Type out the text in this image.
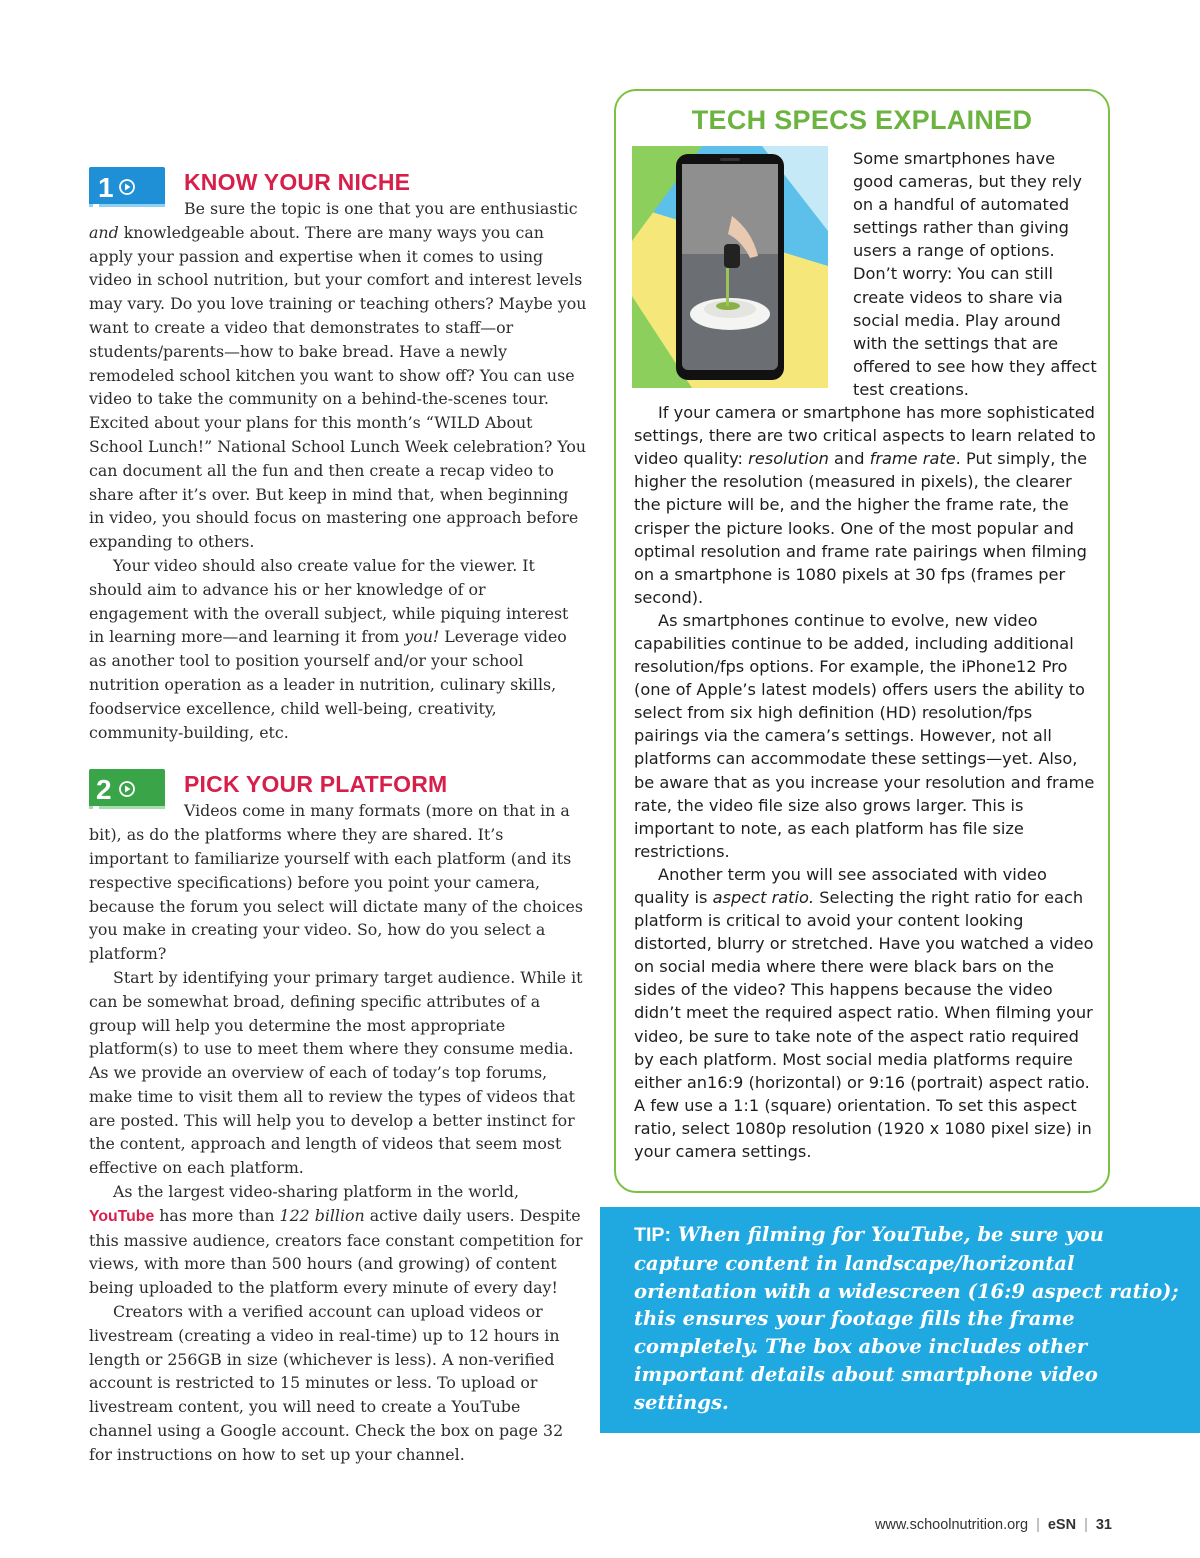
1	KNOW YOUR NICHE

Be sure the topic is one that you are enthusiastic and knowledgeable about. There are many ways you can apply your passion and expertise when it comes to using video in school nutrition, but your comfort and interest levels may vary. Do you love training or teaching others? Maybe you want to create a video that demonstrates to staff—or students/parents—how to bake bread. Have a newly remodeled school kitchen you want to show off? You can use video to take the community on a behind-the-scenes tour. Excited about your plans for this month’s “WILD About School Lunch!” National School Lunch Week celebration? You can document all the fun and then create a recap video to share after it’s over. But keep in mind that, when beginning in video, you should focus on mastering one approach before expanding to others.

Your video should also create value for the viewer. It should aim to advance his or her knowledge of or engagement with the overall subject, while piquing interest in learning more—and learning it from you! Leverage video as another tool to position yourself and/or your school nutrition operation as a leader in nutrition, culinary skills, foodservice excellence, child well-being, creativity, community-building, etc.

2	PICK YOUR PLATFORM

Videos come in many formats (more on that in a bit), as do the platforms where they are shared. It’s important to familiarize yourself with each platform (and its respective specifications) before you point your camera, because the forum you select will dictate many of the choices you make in creating your video. So, how do you select a platform?

Start by identifying your primary target audience. While it can be somewhat broad, defining specific attributes of a group will help you determine the most appropriate platform(s) to use to meet them where they consume media. As we provide an overview of each of today’s top forums, make time to visit them all to review the types of videos that are posted. This will help you to develop a better instinct for the content, approach and length of videos that seem most effective on each platform.

As the largest video-sharing platform in the world, YouTube has more than 122 billion active daily users. Despite this massive audience, creators face constant competition for views, with more than 500 hours (and growing) of content being uploaded to the platform every minute of every day!

Creators with a verified account can upload videos or livestream (creating a video in real-time) up to 12 hours in length or 256GB in size (whichever is less). A non-verified account is restricted to 15 minutes or less. To upload or livestream content, you will need to create a YouTube channel using a Google account. Check the box on page 32 for instructions on how to set up your channel.

TECH SPECS EXPLAINED

Some smartphones have good cameras, but they rely on a handful of automated settings rather than giving users a range of options. Don’t worry: You can still create videos to share via social media. Play around with the settings that are offered to see how they affect test creations.

If your camera or smartphone has more sophisticated settings, there are two critical aspects to learn related to video quality: resolution and frame rate. Put simply, the higher the resolution (measured in pixels), the clearer the picture will be, and the higher the frame rate, the crisper the picture looks. One of the most popular and optimal resolution and frame rate pairings when filming on a smartphone is 1080 pixels at 30 fps (frames per second).

As smartphones continue to evolve, new video capabilities continue to be added, including additional resolution/fps options. For example, the iPhone12 Pro (one of Apple’s latest models) offers users the ability to select from six high definition (HD) resolution/fps pairings via the camera’s settings. However, not all platforms can accommodate these settings—yet. Also, be aware that as you increase your resolution and frame rate, the video file size also grows larger. This is important to note, as each platform has file size restrictions.

Another term you will see associated with video quality is aspect ratio. Selecting the right ratio for each platform is critical to avoid your content looking distorted, blurry or stretched. Have you watched a video on social media where there were black bars on the sides of the video? This happens because the video didn’t meet the required aspect ratio. When filming your video, be sure to take note of the aspect ratio required by each platform. Most social media platforms require either an16:9 (horizontal) or 9:16 (portrait) aspect ratio. A few use a 1:1 (square) orientation. To set this aspect ratio, select 1080p resolution (1920 x 1080 pixel size) in your camera settings.

TIP: When filming for YouTube, be sure you capture content in landscape/horizontal orientation with a widescreen (16:9 aspect ratio); this ensures your footage fills the frame completely. The box above includes other important details about smartphone video settings.
www.schoolnutrition.org | eSN | 31
